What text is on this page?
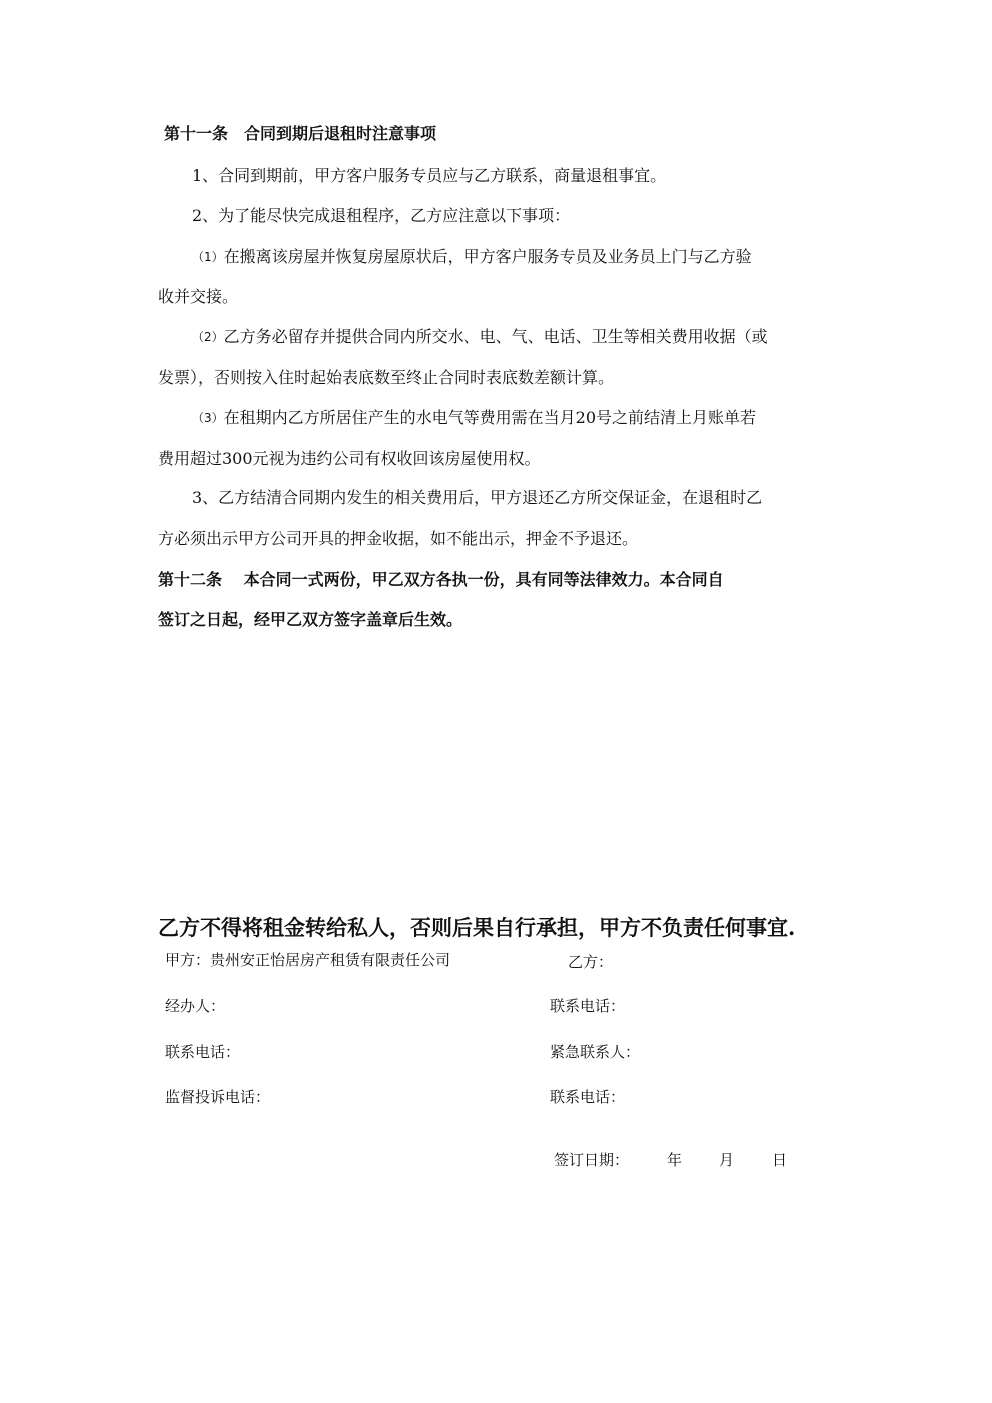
第十一条　合同到期后退租时注意事项
1、合同到期前，甲方客户服务专员应与乙方联系，商量退租事宜。
2、为了能尽快完成退租程序，乙方应注意以下事项：
（1）在搬离该房屋并恢复房屋原状后，甲方客户服务专员及业务员上门与乙方验
收并交接。
（2）乙方务必留存并提供合同内所交水、电、气、电话、卫生等相关费用收据（或
发票），否则按入住时起始表底数至终止合同时表底数差额计算。
（3）在租期内乙方所居住产生的水电气等费用需在当月20号之前结清上月账单若
费用超过300元视为违约公司有权收回该房屋使用权。
3、乙方结清合同期内发生的相关费用后，甲方退还乙方所交保证金，在退租时乙
方必须出示甲方公司开具的押金收据，如不能出示，押金不予退还。
第十二条　 本合同一式两份，甲乙双方各执一份，具有同等法律效力。本合同自
签订之日起，经甲乙双方签字盖章后生效。
乙方不得将租金转给私人，否则后果自行承担，甲方不负责任何事宜.
甲方：贵州安正怡居房产租赁有限责任公司	乙方：
经办人：	联系电话：
联系电话：	紧急联系人：
监督投诉电话：	联系电话：
签订日期：	年 月	日
